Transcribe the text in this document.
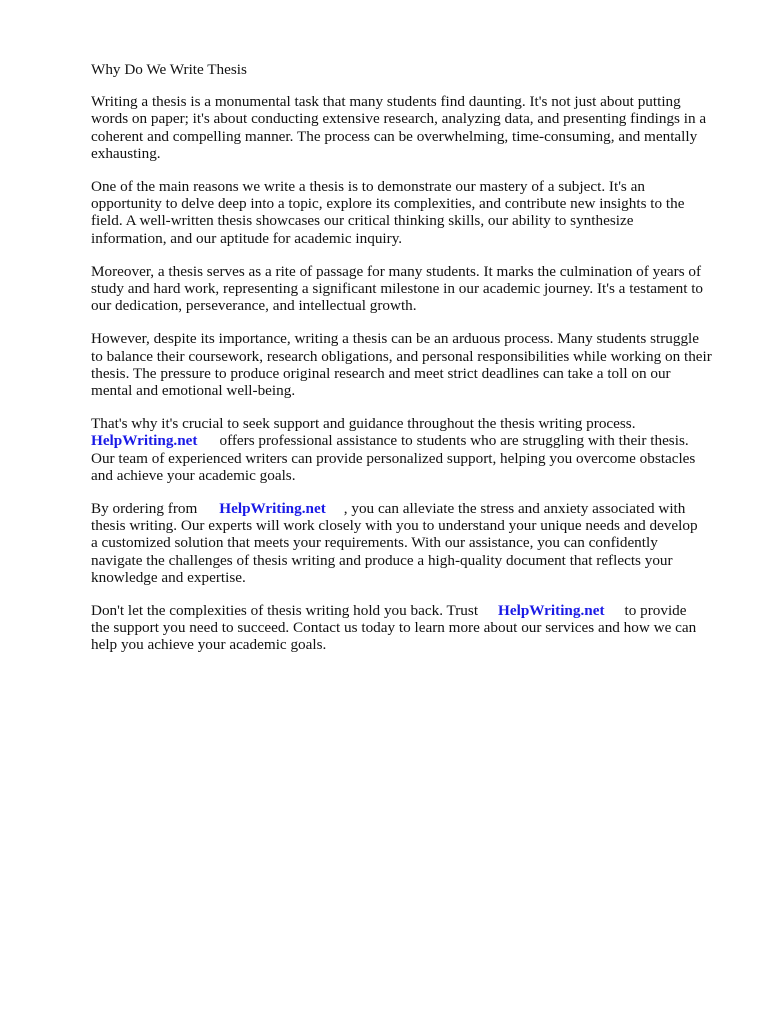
Why Do We Write Thesis
Writing a thesis is a monumental task that many students find daunting. It's not just about putting
words on paper; it's about conducting extensive research, analyzing data, and presenting findings in a
coherent and compelling manner. The process can be overwhelming, time-consuming, and mentally
exhausting.
One of the main reasons we write a thesis is to demonstrate our mastery of a subject. It's an
opportunity to delve deep into a topic, explore its complexities, and contribute new insights to the
field. A well-written thesis showcases our critical thinking skills, our ability to synthesize
information, and our aptitude for academic inquiry.
Moreover, a thesis serves as a rite of passage for many students. It marks the culmination of years of
study and hard work, representing a significant milestone in our academic journey. It's a testament to
our dedication, perseverance, and intellectual growth.
However, despite its importance, writing a thesis can be an arduous process. Many students struggle
to balance their coursework, research obligations, and personal responsibilities while working on their
thesis. The pressure to produce original research and meet strict deadlines can take a toll on our
mental and emotional well-being.
That's why it's crucial to seek support and guidance throughout the thesis writing process.
HelpWriting.net offers professional assistance to students who are struggling with their thesis.
Our team of experienced writers can provide personalized support, helping you overcome obstacles
and achieve your academic goals.
By ordering from HelpWriting.net , you can alleviate the stress and anxiety associated with
thesis writing. Our experts will work closely with you to understand your unique needs and develop
a customized solution that meets your requirements. With our assistance, you can confidently
navigate the challenges of thesis writing and produce a high-quality document that reflects your
knowledge and expertise.
Don't let the complexities of thesis writing hold you back. Trust HelpWriting.net to provide
the support you need to succeed. Contact us today to learn more about our services and how we can
help you achieve your academic goals.
